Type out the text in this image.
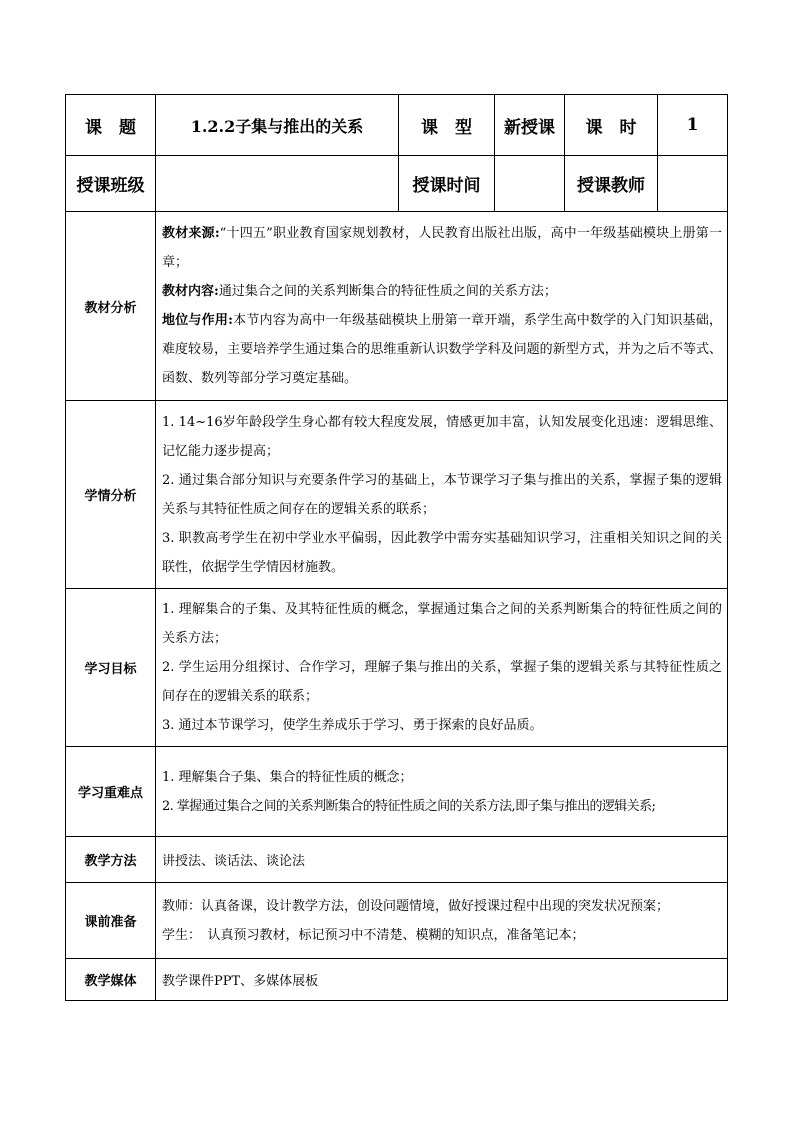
课　题	1.2.2子集与推出的关系	课　型	新授课	课　时	1
授课班级		授课时间		授课教师	
教材分析	教材来源:“十四五”职业教育国家规划教材，人民教育出版社出版，高中一年级基础模块上册第一章；

教材内容:通过集合之间的关系判断集合的特征性质之间的关系方法；

地位与作用:本节内容为高中一年级基础模块上册第一章开端，系学生高中数学的入门知识基础，难度较易，主要培养学生通过集合的思维重新认识数学学科及问题的新型方式，并为之后不等式、函数、数列等部分学习奠定基础。				

学情分析	1. 14~16岁年龄段学生身心都有较大程度发展，情感更加丰富，认知发展变化迅速：逻辑思维、记忆能力逐步提高；

2. 通过集合部分知识与充要条件学习的基础上，本节课学习子集与推出的关系，掌握子集的逻辑关系与其特征性质之间存在的逻辑关系的联系；

3. 职教高考学生在初中学业水平偏弱，因此教学中需夯实基础知识学习，注重相关知识之间的关联性，依据学生学情因材施教。				

学习目标	1. 理解集合的子集、及其特征性质的概念，掌握通过集合之间的关系判断集合的特征性质之间的关系方法；

2. 学生运用分组探讨、合作学习，理解子集与推出的关系，掌握子集的逻辑关系与其特征性质之间存在的逻辑关系的联系；

3. 通过本节课学习，使学生养成乐于学习、勇于探索的良好品质。				

学习重难点	1. 理解集合子集、集合的特征性质的概念；

2. 掌握通过集合之间的关系判断集合的特征性质之间的关系方法,即子集与推出的逻辑关系;				

教学方法	讲授法、谈话法、谈论法				
课前准备	教师：认真备课，设计教学方法，创设问题情境，做好授课过程中出现的突发状况预案；

学生：　认真预习教材，标记预习中不清楚、模糊的知识点，准备笔记本；				

教学媒体	教学课件PPT、多媒体展板				
